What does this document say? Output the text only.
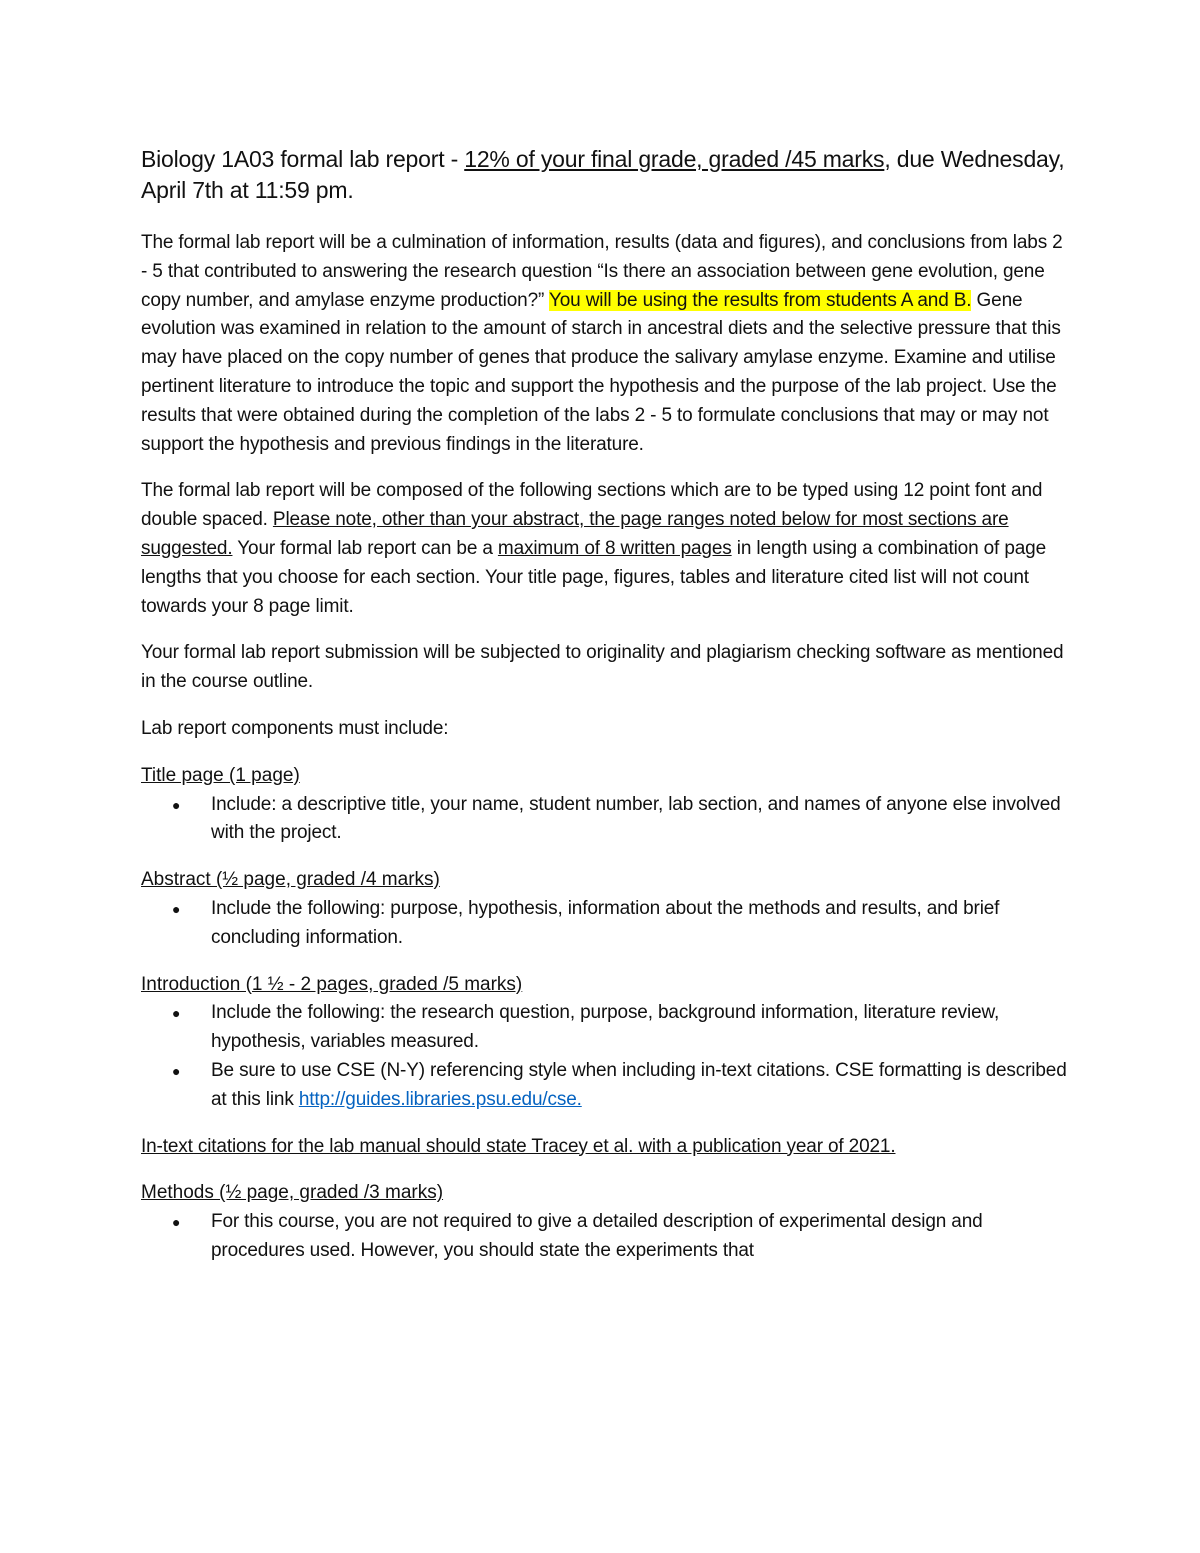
Biology 1A03 formal lab report - 12% of your final grade, graded /45 marks, due Wednesday, April 7th at 11:59 pm.

The formal lab report will be a culmination of information, results (data and figures), and conclusions from labs 2 - 5 that contributed to answering the research question “Is there an association between gene evolution, gene copy number, and amylase enzyme production?” You will be using the results from students A and B. Gene evolution was examined in relation to the amount of starch in ancestral diets and the selective pressure that this may have placed on the copy number of genes that produce the salivary amylase enzyme. Examine and utilise pertinent literature to introduce the topic and support the hypothesis and the purpose of the lab project. Use the results that were obtained during the completion of the labs 2 - 5 to formulate conclusions that may or may not support the hypothesis and previous findings in the literature.

The formal lab report will be composed of the following sections which are to be typed using 12 point font and double spaced. Please note, other than your abstract, the page ranges noted below for most sections are suggested. Your formal lab report can be a maximum of 8 written pages in length using a combination of page lengths that you choose for each section. Your title page, figures, tables and literature cited list will not count towards your 8 page limit.

Your formal lab report submission will be subjected to originality and plagiarism checking software as mentioned in the course outline.

Lab report components must include:

Title page (1 page)
● Include: a descriptive title, your name, student number, lab section, and names of anyone else involved with the project.
Abstract (½ page, graded /4 marks)
● Include the following: purpose, hypothesis, information about the methods and results, and brief concluding information.
Introduction (1 ½ - 2 pages, graded /5 marks)
● Include the following: the research question, purpose, background information, literature review, hypothesis, variables measured.
● Be sure to use CSE (N-Y) referencing style when including in-text citations. CSE formatting is described at this link http://guides.libraries.psu.edu/cse.

In-text citations for the lab manual should state Tracey et al. with a publication year of 2021.

Methods (½ page, graded /3 marks)
● For this course, you are not required to give a detailed description of experimental design and procedures used. However, you should state the experiments that
